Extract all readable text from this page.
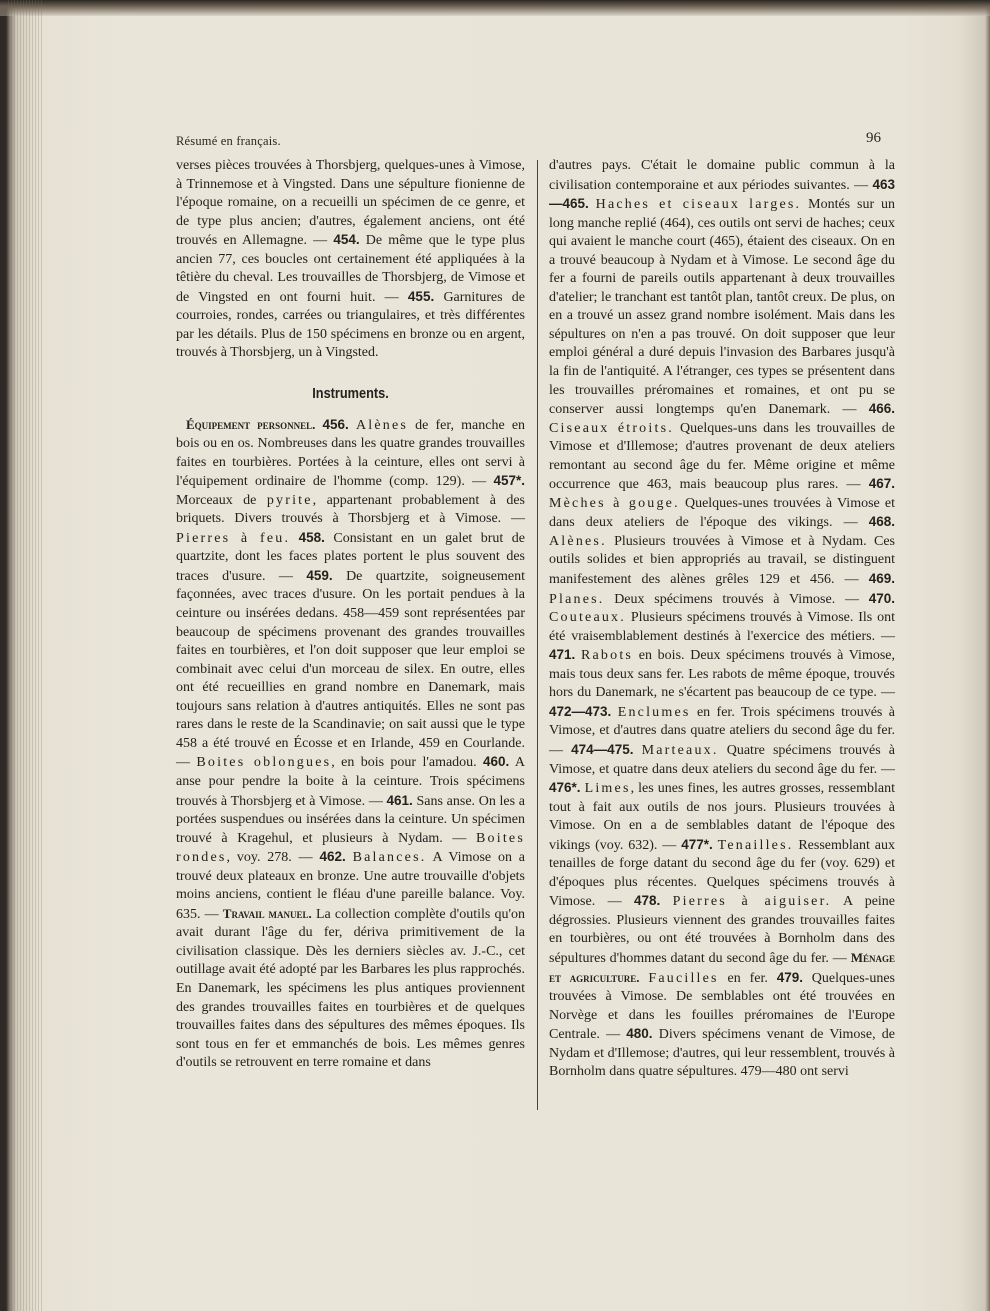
Résumé en français.	96

verses pièces trouvées à Thorsbjerg, quelques-unes à Vimose, à Trinnemose et à Vingsted. Dans une sépulture fionienne de l'époque romaine, on a recueilli un spécimen de ce genre, et de type plus ancien; d'autres, également anciens, ont été trouvés en Allemagne. — 454. De même que le type plus ancien 77, ces boucles ont certainement été appliquées à la têtière du cheval. Les trouvailles de Thorsbjerg, de Vimose et de Vingsted en ont fourni huit. — 455. Garnitures de courroies, rondes, carrées ou triangulaires, et très différentes par les détails. Plus de 150 spécimens en bronze ou en argent, trouvés à Thorsbjerg, un à Vingsted.

Instruments.

Équipement personnel. 456. Alènes de fer, manche en bois ou en os. Nombreuses dans les quatre grandes trouvailles faites en tourbières. Portées à la ceinture, elles ont servi à l'équipement ordinaire de l'homme (comp. 129). — 457*. Morceaux de pyrite, appartenant probablement à des briquets. Divers trouvés à Thorsbjerg et à Vimose. — Pierres à feu. 458. Consistant en un galet brut de quartzite, dont les faces plates portent le plus souvent des traces d'usure. — 459. De quartzite, soigneusement façonnées, avec traces d'usure. On les portait pendues à la ceinture ou insérées dedans. 458—459 sont représentées par beaucoup de spécimens provenant des grandes trouvailles faites en tourbières, et l'on doit supposer que leur emploi se combinait avec celui d'un morceau de silex. En outre, elles ont été recueillies en grand nombre en Danemark, mais toujours sans relation à d'autres antiquités. Elles ne sont pas rares dans le reste de la Scandinavie; on sait aussi que le type 458 a été trouvé en Écosse et en Irlande, 459 en Courlande. — Boites oblongues, en bois pour l'amadou. 460. A anse pour pendre la boite à la ceinture. Trois spécimens trouvés à Thorsbjerg et à Vimose. — 461. Sans anse. On les a portées suspendues ou insérées dans la ceinture. Un spécimen trouvé à Kragehul, et plusieurs à Nydam. — Boites rondes, voy. 278. — 462. Balances. A Vimose on a trouvé deux plateaux en bronze. Une autre trouvaille d'objets moins anciens, contient le fléau d'une pareille balance. Voy. 635. — Travail manuel. La collection complète d'outils qu'on avait durant l'âge du fer, dériva primitivement de la civilisation classique. Dès les derniers siècles av. J.-C., cet outillage avait été adopté par les Barbares les plus rapprochés. En Danemark, les spécimens les plus antiques proviennent des grandes trouvailles faites en tourbières et de quelques trouvailles faites dans des sépultures des mêmes époques. Ils sont tous en fer et emmanchés de bois. Les mêmes genres d'outils se retrouvent en terre romaine et dans

d'autres pays. C'était le domaine public commun à la civilisation contemporaine et aux périodes suivantes. — 463—465. Haches et ciseaux larges. Montés sur un long manche replié (464), ces outils ont servi de haches; ceux qui avaient le manche court (465), étaient des ciseaux. On en a trouvé beaucoup à Nydam et à Vimose. Le second âge du fer a fourni de pareils outils appartenant à deux trouvailles d'atelier; le tranchant est tantôt plan, tantôt creux. De plus, on en a trouvé un assez grand nombre isolément. Mais dans les sépultures on n'en a pas trouvé. On doit supposer que leur emploi général a duré depuis l'invasion des Barbares jusqu'à la fin de l'antiquité. A l'étranger, ces types se présentent dans les trouvailles préromaines et romaines, et ont pu se conserver aussi longtemps qu'en Danemark. — 466. Ciseaux étroits. Quelques-uns dans les trouvailles de Vimose et d'Illemose; d'autres provenant de deux ateliers remontant au second âge du fer. Même origine et même occurrence que 463, mais beaucoup plus rares. — 467. Mèches à gouge. Quelques-unes trouvées à Vimose et dans deux ateliers de l'époque des vikings. — 468. Alènes. Plusieurs trouvées à Vimose et à Nydam. Ces outils solides et bien appropriés au travail, se distinguent manifestement des alènes grêles 129 et 456. — 469. Planes. Deux spécimens trouvés à Vimose. — 470. Couteaux. Plusieurs spécimens trouvés à Vimose. Ils ont été vraisemblablement destinés à l'exercice des métiers. — 471. Rabots en bois. Deux spécimens trouvés à Vimose, mais tous deux sans fer. Les rabots de même époque, trouvés hors du Danemark, ne s'écartent pas beaucoup de ce type. — 472—473. Enclumes en fer. Trois spécimens trouvés à Vimose, et d'autres dans quatre ateliers du second âge du fer. — 474—475. Marteaux. Quatre spécimens trouvés à Vimose, et quatre dans deux ateliers du second âge du fer. — 476*. Limes, les unes fines, les autres grosses, ressemblant tout à fait aux outils de nos jours. Plusieurs trouvées à Vimose. On en a de semblables datant de l'époque des vikings (voy. 632). — 477*. Tenailles. Ressemblant aux tenailles de forge datant du second âge du fer (voy. 629) et d'époques plus récentes. Quelques spécimens trouvés à Vimose. — 478. Pierres à aiguiser. A peine dégrossies. Plusieurs viennent des grandes trouvailles faites en tourbières, ou ont été trouvées à Bornholm dans des sépultures d'hommes datant du second âge du fer. — Ménage et agriculture. Faucilles en fer. 479. Quelques-unes trouvées à Vimose. De semblables ont été trouvées en Norvège et dans les fouilles préromaines de l'Europe Centrale. — 480. Divers spécimens venant de Vimose, de Nydam et d'Illemose; d'autres, qui leur ressemblent, trouvés à Bornholm dans quatre sépultures. 479—480 ont servi
